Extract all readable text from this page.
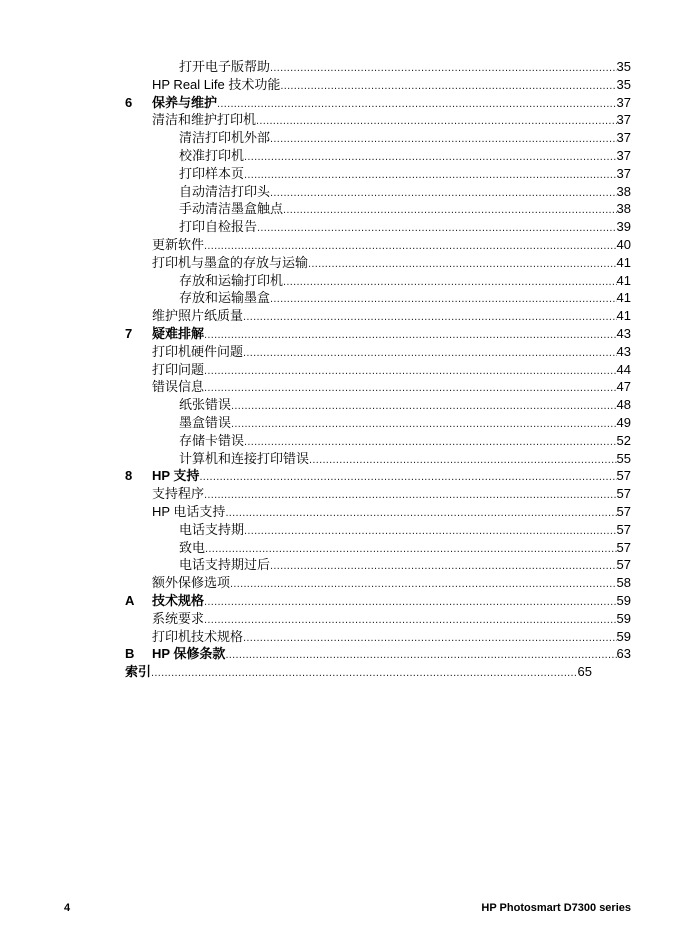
打开电子版帮助 .....	35
HP Real Life 技术功能 .....	35
6	保养与维护 .....	37
清洁和维护打印机 .....	37
清洁打印机外部 .....	37
校准打印机 .....	37
打印样本页 .....	37
自动清洁打印头 .....	38
手动清洁墨盒触点 .....	38
打印自检报告 .....	39
更新软件 .....	40
打印机与墨盒的存放与运输 .....	41
存放和运输打印机 .....	41
存放和运输墨盒 .....	41
维护照片纸质量 .....	41
7	疑难排解 .....	43
打印机硬件问题 .....	43
打印问题 .....	44
错误信息 .....	47
纸张错误 .....	48
墨盒错误 .....	49
存储卡错误 .....	52
计算机和连接打印错误 .....	55
8	HP 支持 .....	57
支持程序 .....	57
HP 电话支持 .....	57
电话支持期 .....	57
致电 .....	57
电话支持期过后 .....	57
额外保修选项 .....	58
A	技术规格 .....	59
系统要求 .....	59
打印机技术规格 .....	59
B	HP 保修条款 .....	63
索引 .....	65
4	HP Photosmart D7300 series
